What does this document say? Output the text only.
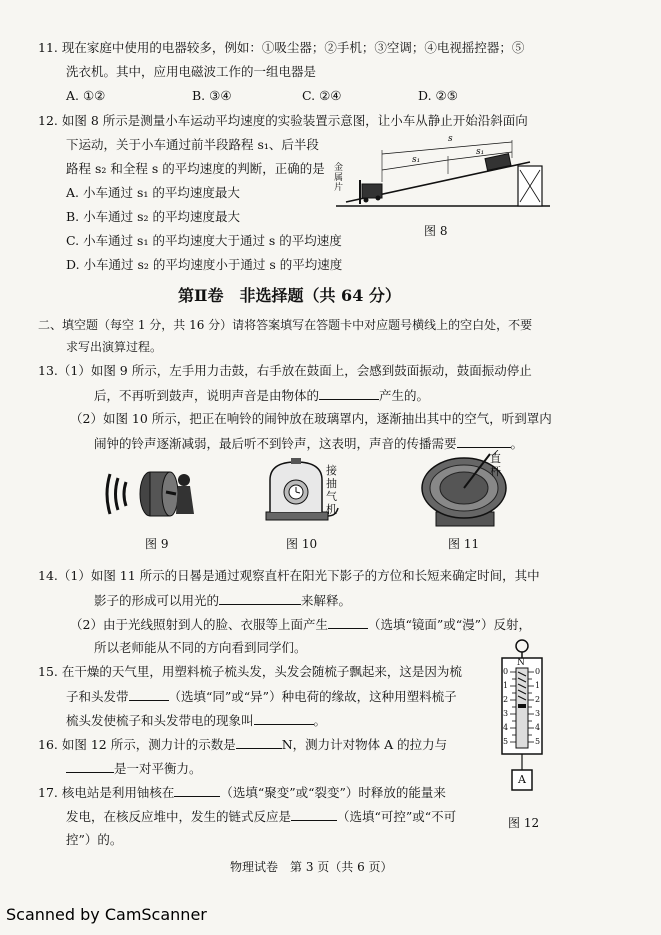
11. 现在家庭中使用的电器较多，例如：①吸尘器；②手机；③空调；④电视摇控器；⑤
洗衣机。其中，应用电磁波工作的一组电器是
A. ①②	B. ③④	C. ②④	D. ②⑤
12. 如图 8 所示是测量小车运动平均速度的实验装置示意图，让小车从静止开始沿斜面向
下运动，关于小车通过前半段路程 s₁、后半段
路程 s₂ 和全程 s 的平均速度的判断，正确的是
A. 小车通过 s₁ 的平均速度最大
B. 小车通过 s₂ 的平均速度最大
C. 小车通过 s₁ 的平均速度大于通过 s 的平均速度
D. 小车通过 s₂ 的平均速度小于通过 s 的平均速度
金
属
片
s
s₁
s₁
图 8
第Ⅱ卷　非选择题（共 64 分）
二、填空题（每空 1 分，共 16 分）请将答案填写在答题卡中对应题号横线上的空白处，不要
求写出演算过程。
13.（1）如图 9 所示，左手用力击鼓，右手放在鼓面上，会感到鼓面振动，鼓面振动停止
后，不再听到鼓声，说明声音是由物体的	产生的。
（2）如图 10 所示，把正在响铃的闹钟放在玻璃罩内，逐渐抽出其中的空气，听到罩内
闹钟的铃声逐渐减弱，最后听不到铃声，这表明，声音的传播需要	。
图 9
接
抽
气
机
图 10
直
杆
图 11
14.（1）如图 11 所示的日晷是通过观察直杆在阳光下影子的方位和长短来确定时间，其中
影子的形成可以用光的	来解释。
（2）由于光线照射到人的脸、衣服等上面产生	（选填“镜面”或“漫”）反射，
所以老师能从不同的方向看到同学们。
15. 在干燥的天气里，用塑料梳子梳头发，头发会随梳子飘起来，这是因为梳
子和头发带	（选填“同”或“异”）种电荷的缘故，这种用塑料梳子
梳头发使梳子和头发带电的现象叫	。
16. 如图 12 所示，测力计的示数是	N，测力计对物体 A 的拉力与
是一对平衡力。
17. 核电站是利用铀核在	（选填“聚变”或“裂变”）时释放的能量来
发电，在核反应堆中，发生的链式反应是	（选填“可控”或“不可
控”）的。
N
0	0
1	1
2	2
3	3
4	4
5	5
A
图 12
物理试卷　第 3 页（共 6 页）
Scanned by CamScanner
